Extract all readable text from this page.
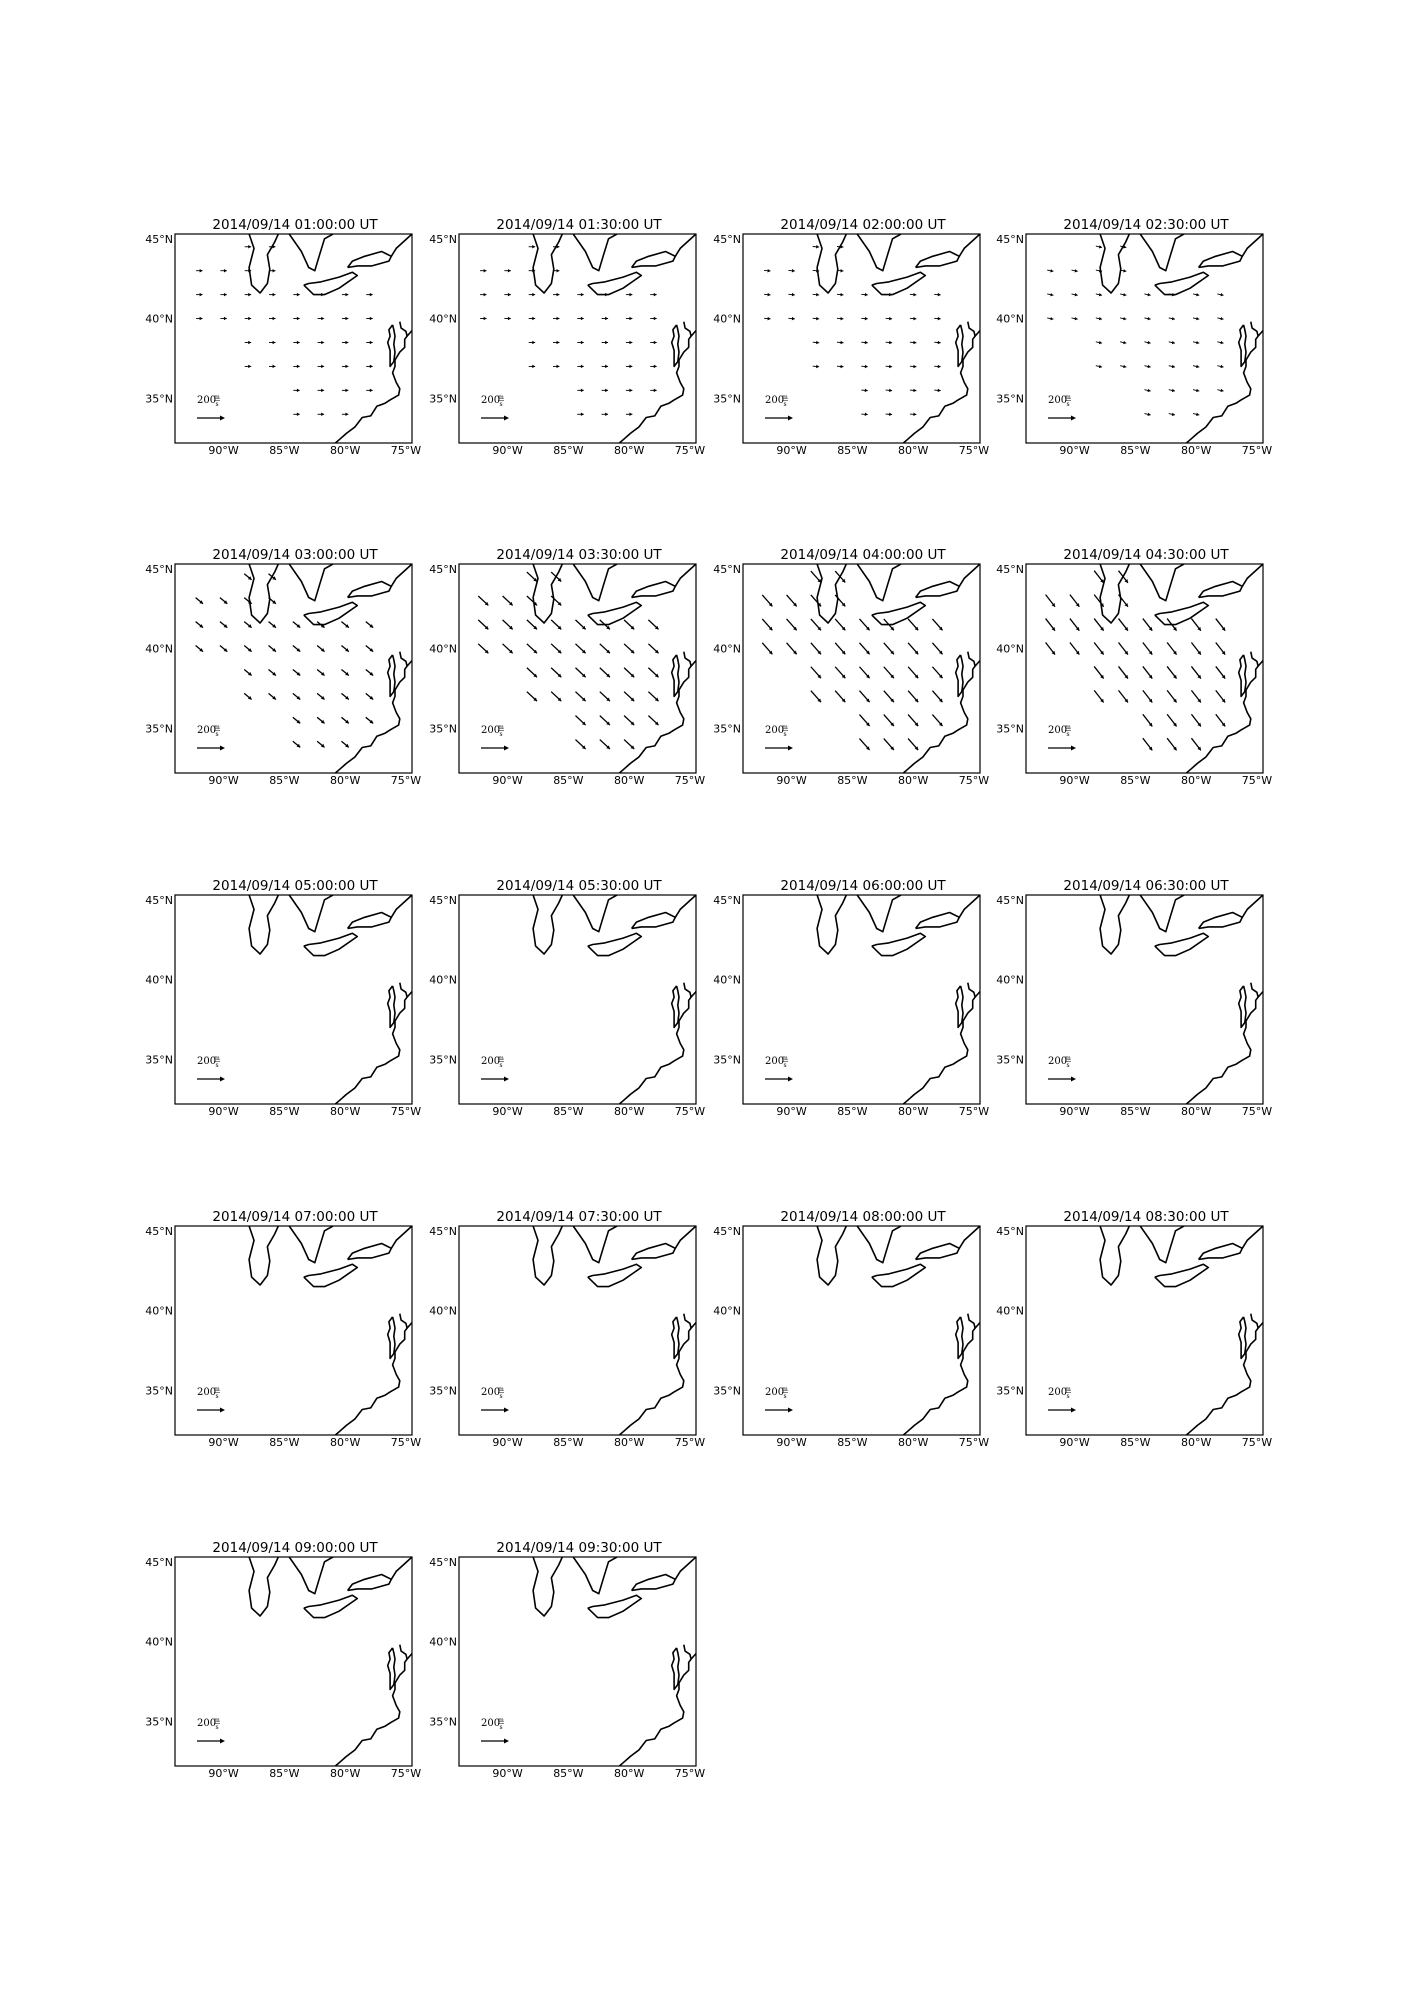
2014/09/14 01:00:00 UT
200
m
s
45°N
40°N
35°N
90°W	85°W	80°W	75°W
2014/09/14 01:30:00 UT
200
m
s
45°N
40°N
35°N
90°W	85°W	80°W	75°W
2014/09/14 02:00:00 UT
200
m
s
45°N
40°N
35°N
90°W	85°W	80°W	75°W
2014/09/14 02:30:00 UT
200
m
s
45°N
40°N
35°N
90°W	85°W	80°W	75°W
2014/09/14 03:00:00 UT
200
m
s
45°N
40°N
35°N
90°W	85°W	80°W	75°W
2014/09/14 03:30:00 UT
200
m
s
45°N
40°N
35°N
90°W	85°W	80°W	75°W
2014/09/14 04:00:00 UT
200
m
s
45°N
40°N
35°N
90°W	85°W	80°W	75°W
2014/09/14 04:30:00 UT
200
m
s
45°N
40°N
35°N
90°W	85°W	80°W	75°W
2014/09/14 05:00:00 UT
200
m
s
45°N
40°N
35°N
90°W	85°W	80°W	75°W
2014/09/14 05:30:00 UT
200
m
s
45°N
40°N
35°N
90°W	85°W	80°W	75°W
2014/09/14 06:00:00 UT
200
m
s
45°N
40°N
35°N
90°W	85°W	80°W	75°W
2014/09/14 06:30:00 UT
200
m
s
45°N
40°N
35°N
90°W	85°W	80°W	75°W
2014/09/14 07:00:00 UT
200
m
s
45°N
40°N
35°N
90°W	85°W	80°W	75°W
2014/09/14 07:30:00 UT
200
m
s
45°N
40°N
35°N
90°W	85°W	80°W	75°W
2014/09/14 08:00:00 UT
200
m
s
45°N
40°N
35°N
90°W	85°W	80°W	75°W
2014/09/14 08:30:00 UT
200
m
s
45°N
40°N
35°N
90°W	85°W	80°W	75°W
2014/09/14 09:00:00 UT
200
m
s
45°N
40°N
35°N
90°W	85°W	80°W	75°W
2014/09/14 09:30:00 UT
200
m
s
45°N
40°N
35°N
90°W	85°W	80°W	75°W
